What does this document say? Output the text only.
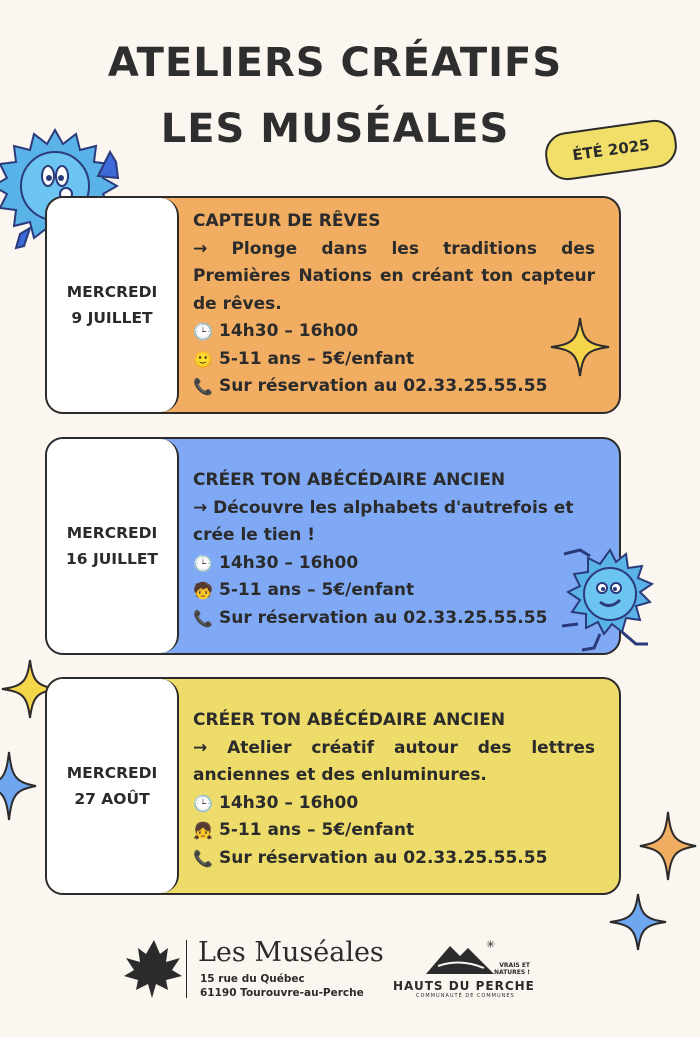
ATELIERS CRÉATIFS
LES MUSÉALES	ÉTÉ 2025
MERCREDI
9 JUILLET
CAPTEUR DE RÊVES
→ Plonge dans les traditions des Premières Nations en créant ton capteur de rêves.
🕒 14h30 – 16h00
🙂 5-11 ans – 5€/enfant
📞 Sur réservation au 02.33.25.55.55
MERCREDI
16 JUILLET
CRÉER TON ABÉCÉDAIRE ANCIEN
→ Découvre les alphabets d'autrefois et crée le tien !
🕒 14h30 – 16h00
🧒 5-11 ans – 5€/enfant
📞 Sur réservation au 02.33.25.55.55
MERCREDI
27 AOÛT
CRÉER TON ABÉCÉDAIRE ANCIEN
→ Atelier créatif autour des lettres anciennes et des enluminures.
🕒 14h30 – 16h00
👧 5-11 ans – 5€/enfant
📞 Sur réservation au 02.33.25.55.55
Les Muséales
15 rue du Québec
61190 Tourouvre-au-Perche
✳
VRAIS ET
NATURES !
HAUTS DU PERCHE
COMMUNAUTÉ DE COMMUNES
